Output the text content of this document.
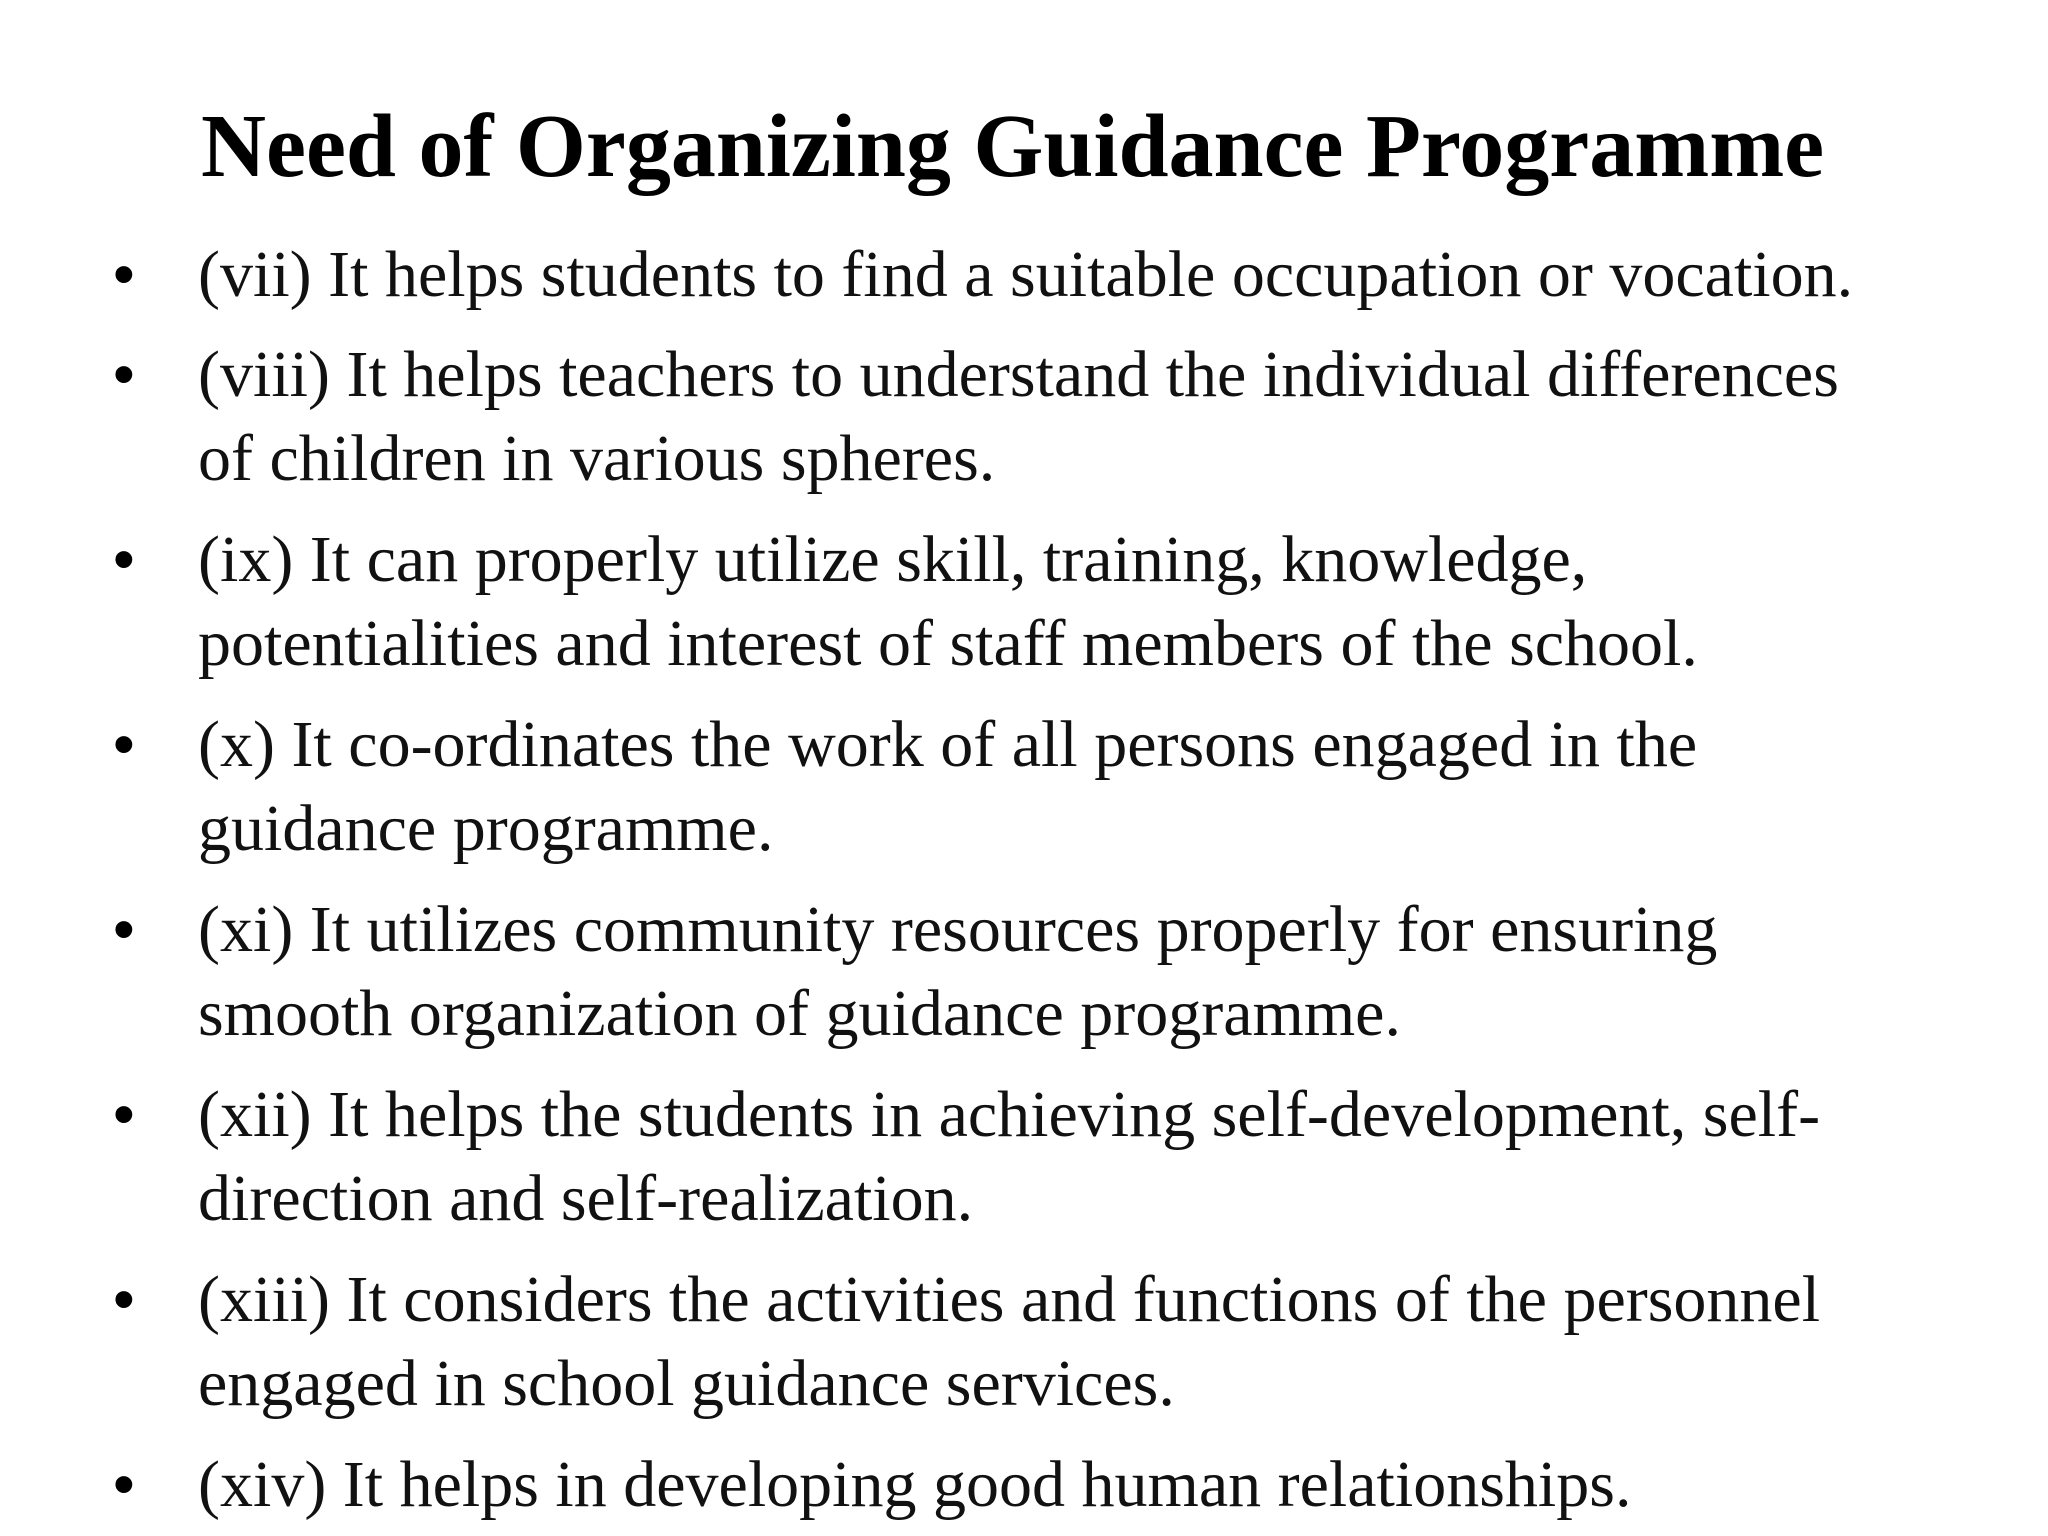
Need of Organizing Guidance Programme
• (vii) It helps students to find a suitable occupation or vocation.
• (viii) It helps teachers to understand the individual differences
of children in various spheres.
• (ix) It can properly utilize skill, training, knowledge,
potentialities and interest of staff members of the school.
• (x) It co-ordinates the work of all persons engaged in the
guidance programme.
• (xi) It utilizes community resources properly for ensuring
smooth organization of guidance programme.
• (xii) It helps the students in achieving self-development, self-
direction and self-realization.
• (xiii) It considers the activities and functions of the personnel
engaged in school guidance services.
• (xiv) It helps in developing good human relationships.
